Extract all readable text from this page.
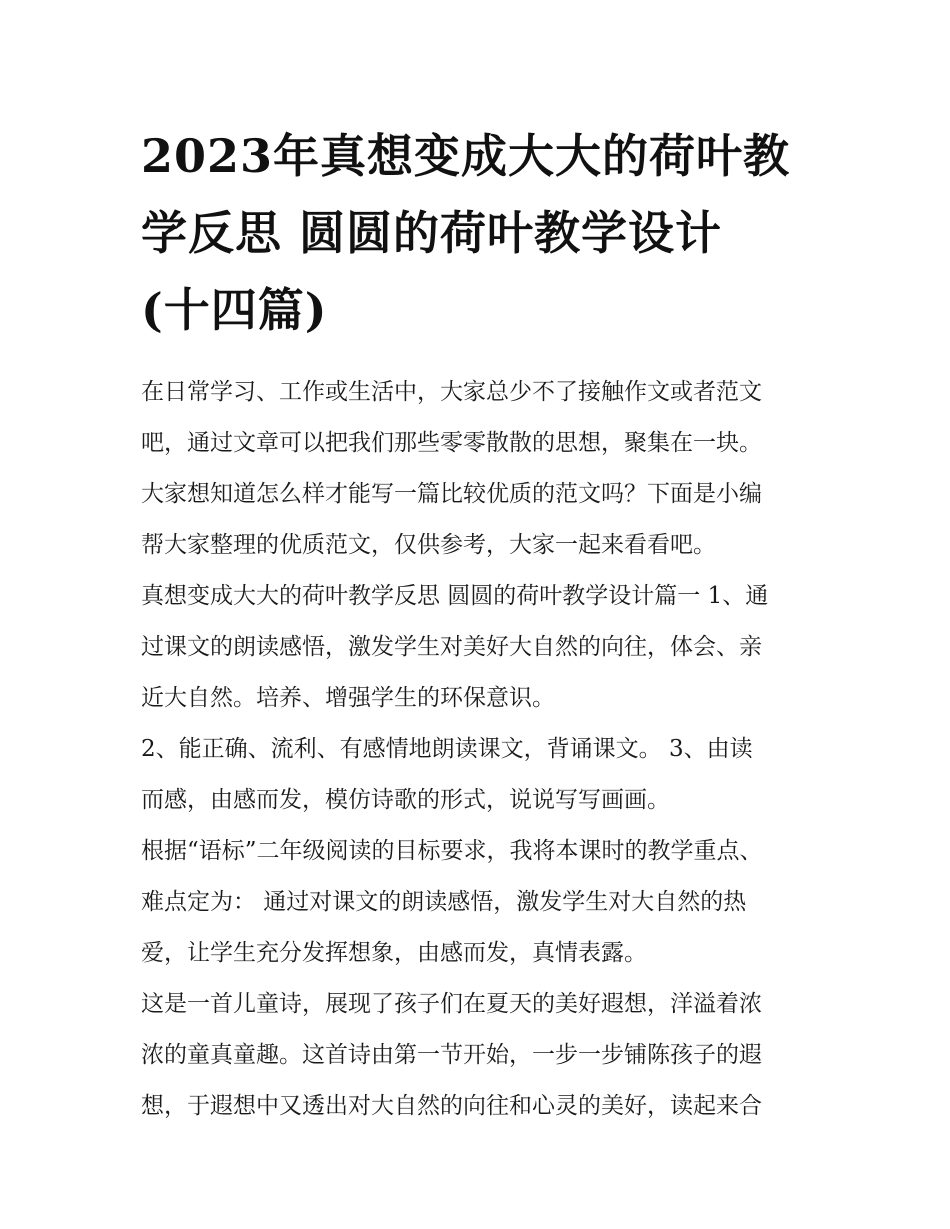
2023年真想变成大大的荷叶教
学反思 圆圆的荷叶教学设计
(十四篇)

在日常学习、工作或生活中，大家总少不了接触作文或者范文
吧，通过文章可以把我们那些零零散散的思想，聚集在一块。
大家想知道怎么样才能写一篇比较优质的范文吗？下面是小编
帮大家整理的优质范文，仅供参考，大家一起来看看吧。

真想变成大大的荷叶教学反思 圆圆的荷叶教学设计篇一 1、通
过课文的朗读感悟，激发学生对美好大自然的向往，体会、亲
近大自然。培养、增强学生的环保意识。

2、能正确、流利、有感情地朗读课文，背诵课文。 3、由读
而感，由感而发，模仿诗歌的形式，说说写写画画。

根据“语标”二年级阅读的目标要求，我将本课时的教学重点、
难点定为： 通过对课文的朗读感悟，激发学生对大自然的热
爱，让学生充分发挥想象，由感而发，真情表露。

这是一首儿童诗，展现了孩子们在夏天的美好遐想，洋溢着浓
浓的童真童趣。这首诗由第一节开始，一步一步铺陈孩子的遐
想，于遐想中又透出对大自然的向往和心灵的美好，读起来合
